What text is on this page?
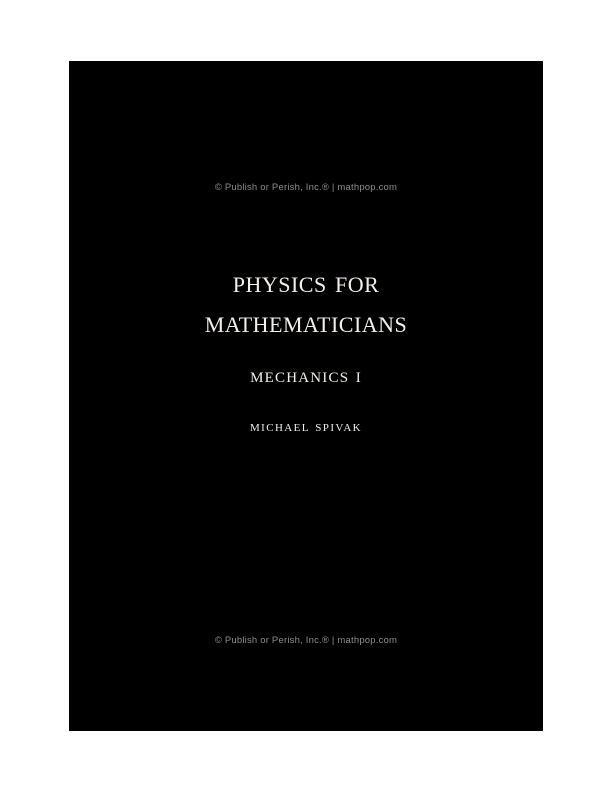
© Publish or Perish, Inc.® | mathpop.com
physics for
mathematicians
mechanics i
michael spivak
© Publish or Perish, Inc.® | mathpop.com
